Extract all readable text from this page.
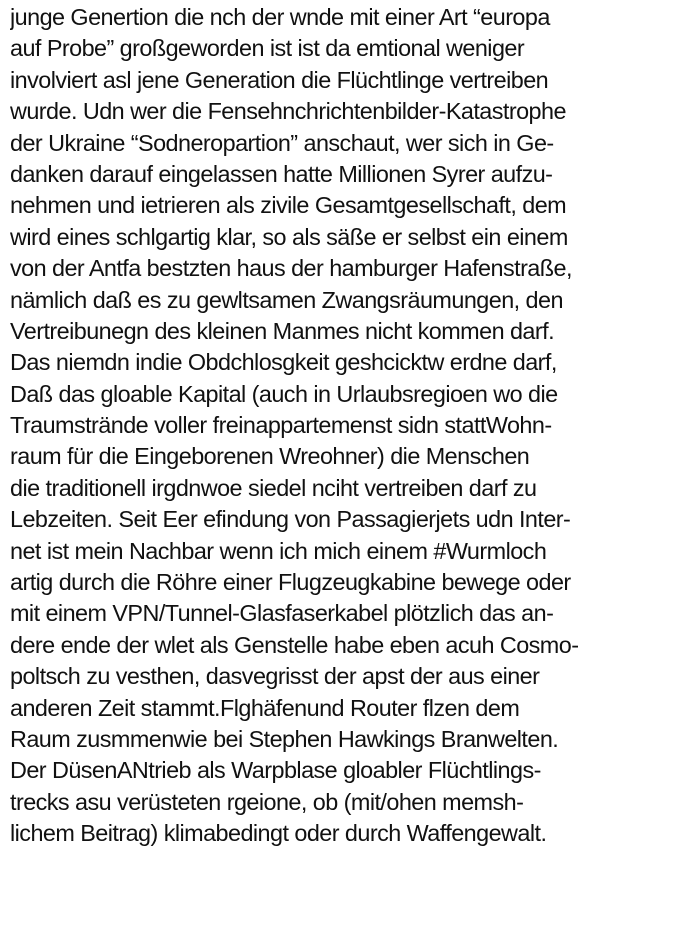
junge Genertion die nch der wnde mit einer Art “europa
auf Probe” großgeworden ist ist da emtional weniger
involviert asl jene Generation die Flüchtlinge vertreiben
wurde. Udn wer die Fensehnchrichtenbilder-Katastrophe
der Ukraine “Sodneropartion” anschaut, wer sich in Ge-
danken darauf eingelassen hatte Millionen Syrer aufzu-
nehmen und ietrieren als zivile Gesamtgesellschaft, dem
wird eines schlgartig klar, so als säße er selbst ein einem
von der Antfa bestzten haus der hamburger Hafenstraße,
nämlich daß es zu gewltsamen Zwangsräumungen, den
Vertreibunegn des kleinen Manmes nicht kommen darf.
Das niemdn indie Obdchlosgkeit geshcicktw erdne darf,
Daß das gloable Kapital (auch in Urlaubsregioen wo die
Traumstrände voller freinappartemenst sidn stattWohn-
raum für die Eingeborenen Wreohner) die Menschen
die traditionell irgdnwoe siedel nciht vertreiben darf zu
Lebzeiten. Seit Eer efindung von Passagierjets udn Inter-
net ist mein Nachbar wenn ich mich einem #Wurmloch
artig durch die Röhre einer Flugzeugkabine bewege oder
mit einem VPN/Tunnel-Glasfaserkabel plötzlich das an-
dere ende der wlet als Genstelle habe eben acuh Cosmo-
poltsch zu vesthen, dasvegrisst der apst der aus einer
anderen Zeit stammt.Flghäfenund Router flzen dem
Raum zusmmenwie bei Stephen Hawkings Branwelten.
Der DüsenANtrieb als Warpblase gloabler Flüchtlings-
trecks asu verüsteten rgeione, ob (mit/ohen memsh-
lichem Beitrag) klimabedingt oder durch Waffengewalt.
